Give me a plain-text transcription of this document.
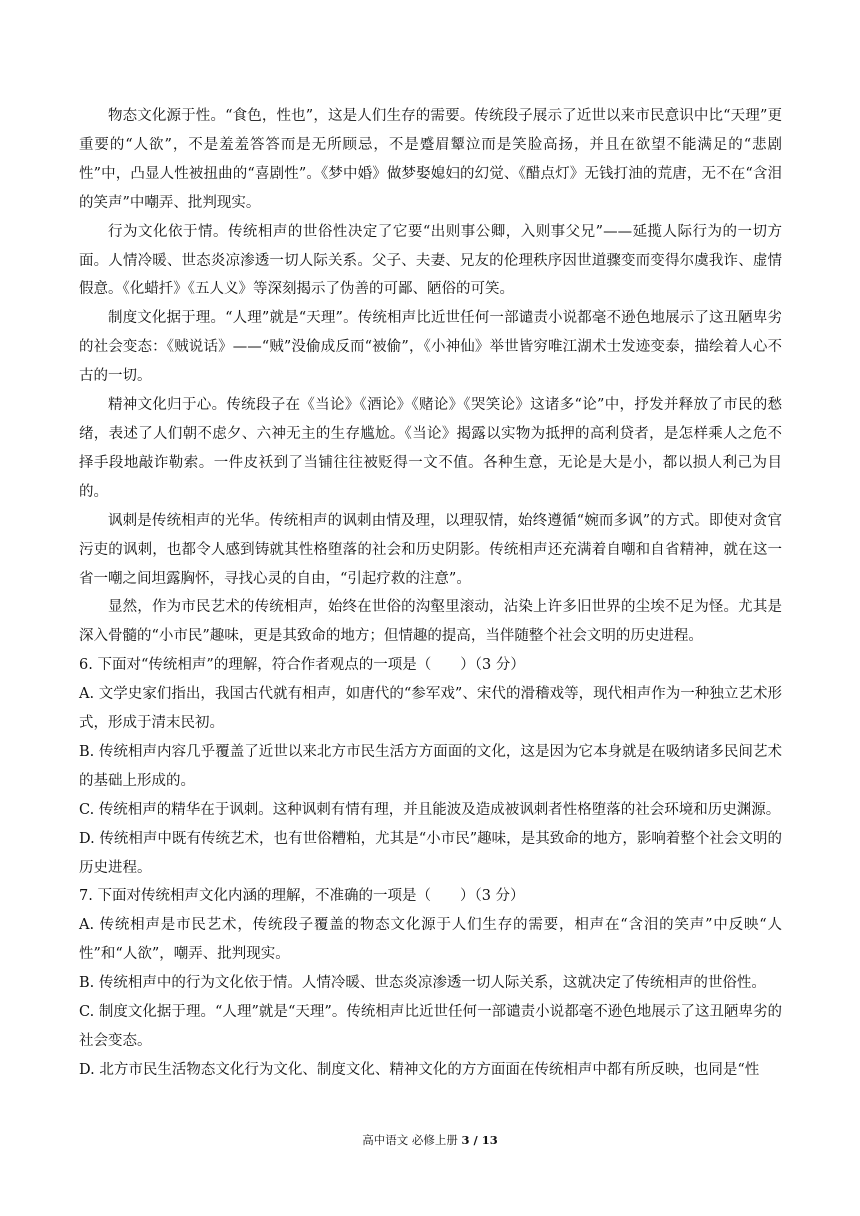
物态文化源于性。“食色，性也”，这是人们生存的需要。传统段子展示了近世以来市民意识中比“天理”更重要的“人欲”，不是羞羞答答而是无所顾忌，不是蹙眉颦泣而是笑脸高扬，并且在欲望不能满足的“悲剧性”中，凸显人性被扭曲的“喜剧性”。《梦中婚》做梦娶媳妇的幻觉、《醋点灯》无钱打油的荒唐，无不在“含泪的笑声”中嘲弄、批判现实。

行为文化依于情。传统相声的世俗性决定了它要“出则事公卿，入则事父兄”——延揽人际行为的一切方面。人情冷暖、世态炎凉渗透一切人际关系。父子、夫妻、兄友的伦理秩序因世道骤变而变得尔虞我诈、虚情假意。《化蜡扦》《五人义》等深刻揭示了伪善的可鄙、陋俗的可笑。

制度文化据于理。“人理”就是“天理”。传统相声比近世任何一部谴责小说都毫不逊色地展示了这丑陋卑劣的社会变态：《贼说话》——“贼”没偷成反而“被偷”，《小神仙》举世皆穷唯江湖术士发迹变泰，描绘着人心不古的一切。

精神文化归于心。传统段子在《当论》《酒论》《赌论》《哭笑论》这诸多“论”中，抒发并释放了市民的愁绪，表述了人们朝不虑夕、六神无主的生存尴尬。《当论》揭露以实物为抵押的高利贷者，是怎样乘人之危不择手段地敲诈勒索。一件皮袄到了当铺往往被贬得一文不值。各种生意，无论是大是小，都以损人利己为目的。

讽刺是传统相声的光华。传统相声的讽刺由情及理，以理驭情，始终遵循“婉而多讽”的方式。即使对贪官污吏的讽刺，也都令人感到铸就其性格堕落的社会和历史阴影。传统相声还充满着自嘲和自省精神，就在这一省一嘲之间坦露胸怀，寻找心灵的自由，“引起疗救的注意”。

显然，作为市民艺术的传统相声，始终在世俗的沟壑里滚动，沾染上许多旧世界的尘埃不足为怪。尤其是深入骨髓的“小市民”趣味，更是其致命的地方；但情趣的提高，当伴随整个社会文明的历史进程。

6. 下面对“传统相声”的理解，符合作者观点的一项是（　　）（3 分）

A. 文学史家们指出，我国古代就有相声，如唐代的“参军戏”、宋代的滑稽戏等，现代相声作为一种独立艺术形式，形成于清末民初。

B. 传统相声内容几乎覆盖了近世以来北方市民生活方方面面的文化，这是因为它本身就是在吸纳诸多民间艺术的基础上形成的。

C. 传统相声的精华在于讽刺。这种讽刺有情有理，并且能波及造成被讽刺者性格堕落的社会环境和历史渊源。

D. 传统相声中既有传统艺术，也有世俗糟粕，尤其是“小市民”趣味，是其致命的地方，影响着整个社会文明的历史进程。

7. 下面对传统相声文化内涵的理解，不准确的一项是（　　）（3 分）

A. 传统相声是市民艺术，传统段子覆盖的物态文化源于人们生存的需要，相声在“含泪的笑声”中反映“人性”和“人欲”，嘲弄、批判现实。

B. 传统相声中的行为文化依于情。人情冷暖、世态炎凉渗透一切人际关系，这就决定了传统相声的世俗性。

C. 制度文化据于理。“人理”就是“天理”。传统相声比近世任何一部谴责小说都毫不逊色地展示了这丑陋卑劣的社会变态。

D. 北方市民生活物态文化行为文化、制度文化、精神文化的方方面面在传统相声中都有所反映，也同是“性

高中语文 必修上册 3 / 13
